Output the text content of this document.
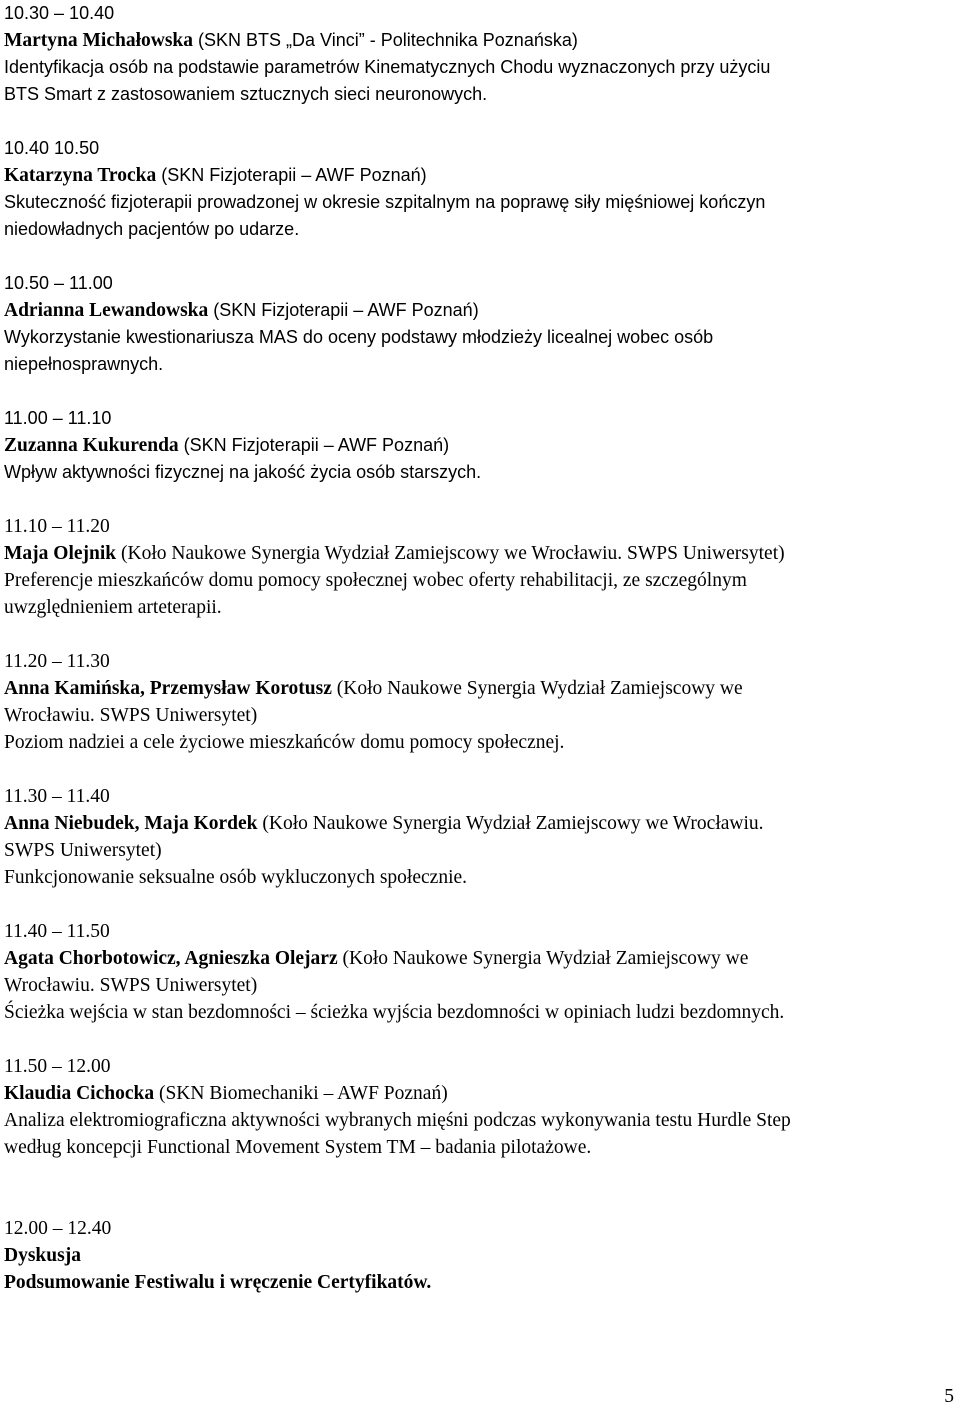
10.30 – 10.40
Martyna Michałowska (SKN BTS „Da Vinci” - Politechnika Poznańska)
Identyfikacja osób na podstawie parametrów Kinematycznych Chodu wyznaczonych przy użyciu
BTS Smart z zastosowaniem sztucznych sieci neuronowych.
10.40 10.50
Katarzyna Trocka (SKN Fizjoterapii – AWF Poznań)
Skuteczność fizjoterapii prowadzonej w okresie szpitalnym na poprawę siły mięśniowej kończyn
niedowładnych pacjentów po udarze.
10.50 – 11.00
Adrianna Lewandowska (SKN Fizjoterapii – AWF Poznań)
Wykorzystanie kwestionariusza MAS do oceny podstawy młodzieży licealnej wobec osób
niepełnosprawnych.
11.00 – 11.10
Zuzanna Kukurenda (SKN Fizjoterapii – AWF Poznań)
Wpływ aktywności fizycznej na jakość życia osób starszych.
11.10 – 11.20
Maja Olejnik (Koło Naukowe Synergia Wydział Zamiejscowy we Wrocławiu. SWPS Uniwersytet)
Preferencje mieszkańców domu pomocy społecznej wobec oferty rehabilitacji, ze szczególnym
uwzględnieniem arteterapii.
11.20 – 11.30
Anna Kamińska, Przemysław Korotusz (Koło Naukowe Synergia Wydział Zamiejscowy we
Wrocławiu. SWPS Uniwersytet)
Poziom nadziei a cele życiowe mieszkańców domu pomocy społecznej.
11.30 – 11.40
Anna Niebudek, Maja Kordek (Koło Naukowe Synergia Wydział Zamiejscowy we Wrocławiu.
SWPS Uniwersytet)
Funkcjonowanie seksualne osób wykluczonych społecznie.
11.40 – 11.50
Agata Chorbotowicz, Agnieszka Olejarz (Koło Naukowe Synergia Wydział Zamiejscowy we
Wrocławiu. SWPS Uniwersytet)
Ścieżka wejścia w stan bezdomności – ścieżka wyjścia bezdomności w opiniach ludzi bezdomnych.
11.50 – 12.00
Klaudia Cichocka (SKN Biomechaniki – AWF Poznań)
Analiza elektromiograficzna aktywności wybranych mięśni podczas wykonywania testu Hurdle Step
według koncepcji Functional Movement System TM – badania pilotażowe.
12.00 – 12.40
Dyskusja
Podsumowanie Festiwalu i wręczenie Certyfikatów.
5
